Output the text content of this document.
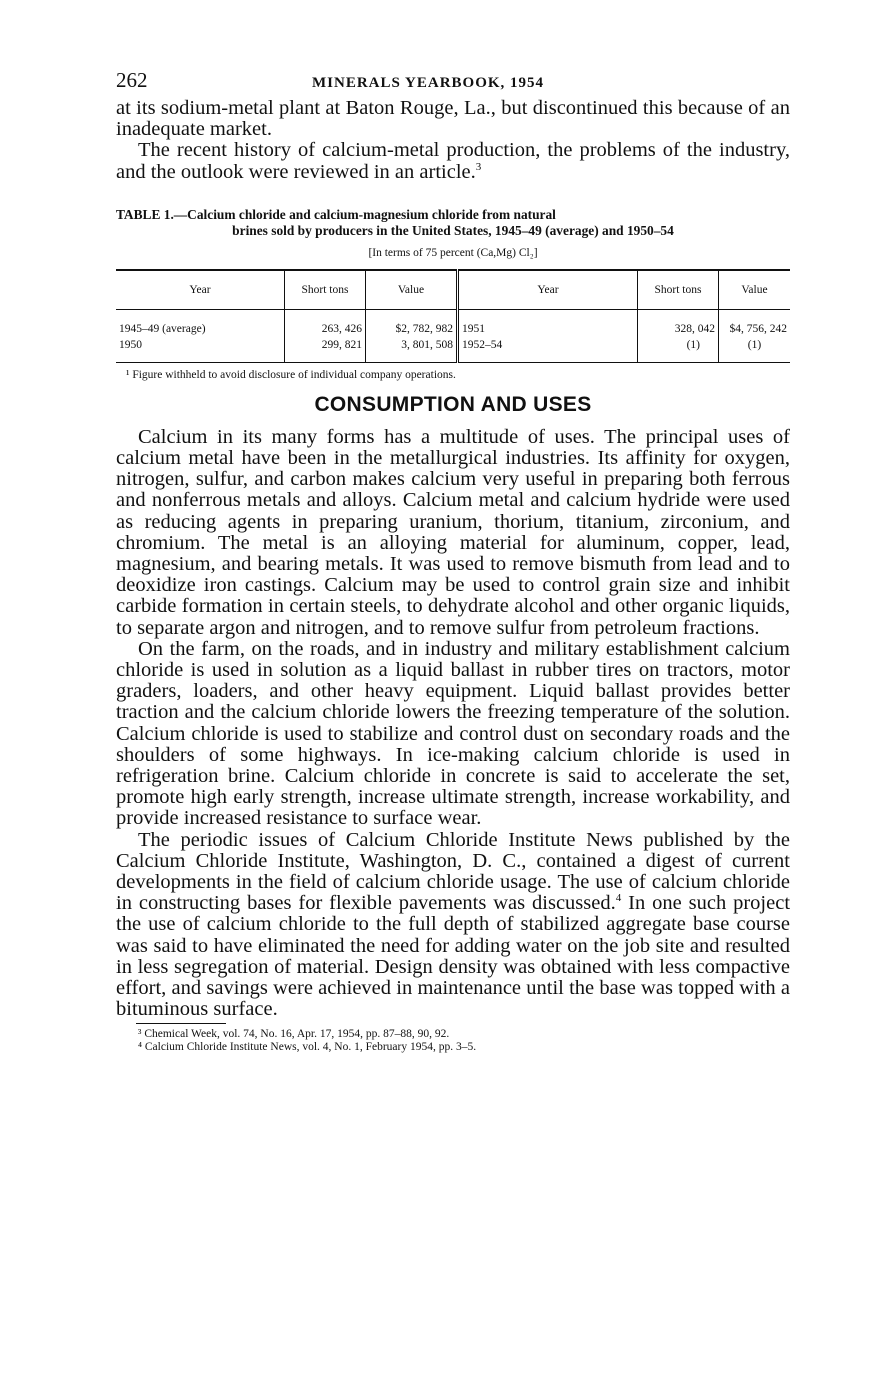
262	MINERALS YEARBOOK, 1954

at its sodium-metal plant at Baton Rouge, La., but discontinued this because of an inadequate market.

The recent history of calcium-metal production, the problems of the industry, and the outlook were reviewed in an article.$^3$

TABLE 1.—Calcium chloride and calcium-magnesium chloride from natural
brines sold by producers in the United States, 1945–49 (average) and 1950–54
[In terms of 75 percent (Ca,Mg) Cl₂]
Year	Short tons	Value	Year	Short tons	Value
1945–49 (average)	263, 426	$2, 782, 982	1951	328, 042	$4, 756, 242
1950	299, 821	3, 801, 508	1952–54	(1)	(1)
¹ Figure withheld to avoid disclosure of individual company operations.
CONSUMPTION AND USES

Calcium in its many forms has a multitude of uses. The principal uses of calcium metal have been in the metallurgical industries. Its affinity for oxygen, nitrogen, sulfur, and carbon makes calcium very useful in preparing both ferrous and nonferrous metals and alloys. Calcium metal and calcium hydride were used as reducing agents in preparing uranium, thorium, titanium, zirconium, and chromium. The metal is an alloying material for aluminum, copper, lead, magnesium, and bearing metals. It was used to remove bismuth from lead and to deoxidize iron castings. Calcium may be used to control grain size and inhibit carbide formation in certain steels, to dehydrate alcohol and other organic liquids, to separate argon and nitrogen, and to remove sulfur from petroleum fractions.

On the farm, on the roads, and in industry and military establishment calcium chloride is used in solution as a liquid ballast in rubber tires on tractors, motor graders, loaders, and other heavy equipment. Liquid ballast provides better traction and the calcium chloride lowers the freezing temperature of the solution. Calcium chloride is used to stabilize and control dust on secondary roads and the shoulders of some highways. In ice-making calcium chloride is used in refrigeration brine. Calcium chloride in concrete is said to accelerate the set, promote high early strength, increase ultimate strength, increase workability, and provide increased resistance to surface wear.

The periodic issues of Calcium Chloride Institute News published by the Calcium Chloride Institute, Washington, D. C., contained a digest of current developments in the field of calcium chloride usage. The use of calcium chloride in constructing bases for flexible pavements was discussed.$^4$ In one such project the use of calcium chloride to the full depth of stabilized aggregate base course was said to have eliminated the need for adding water on the job site and resulted in less segregation of material. Design density was obtained with less compactive effort, and savings were achieved in maintenance until the base was topped with a bituminous surface.

³ Chemical Week, vol. 74, No. 16, Apr. 17, 1954, pp. 87–88, 90, 92.
⁴ Calcium Chloride Institute News, vol. 4, No. 1, February 1954, pp. 3–5.
